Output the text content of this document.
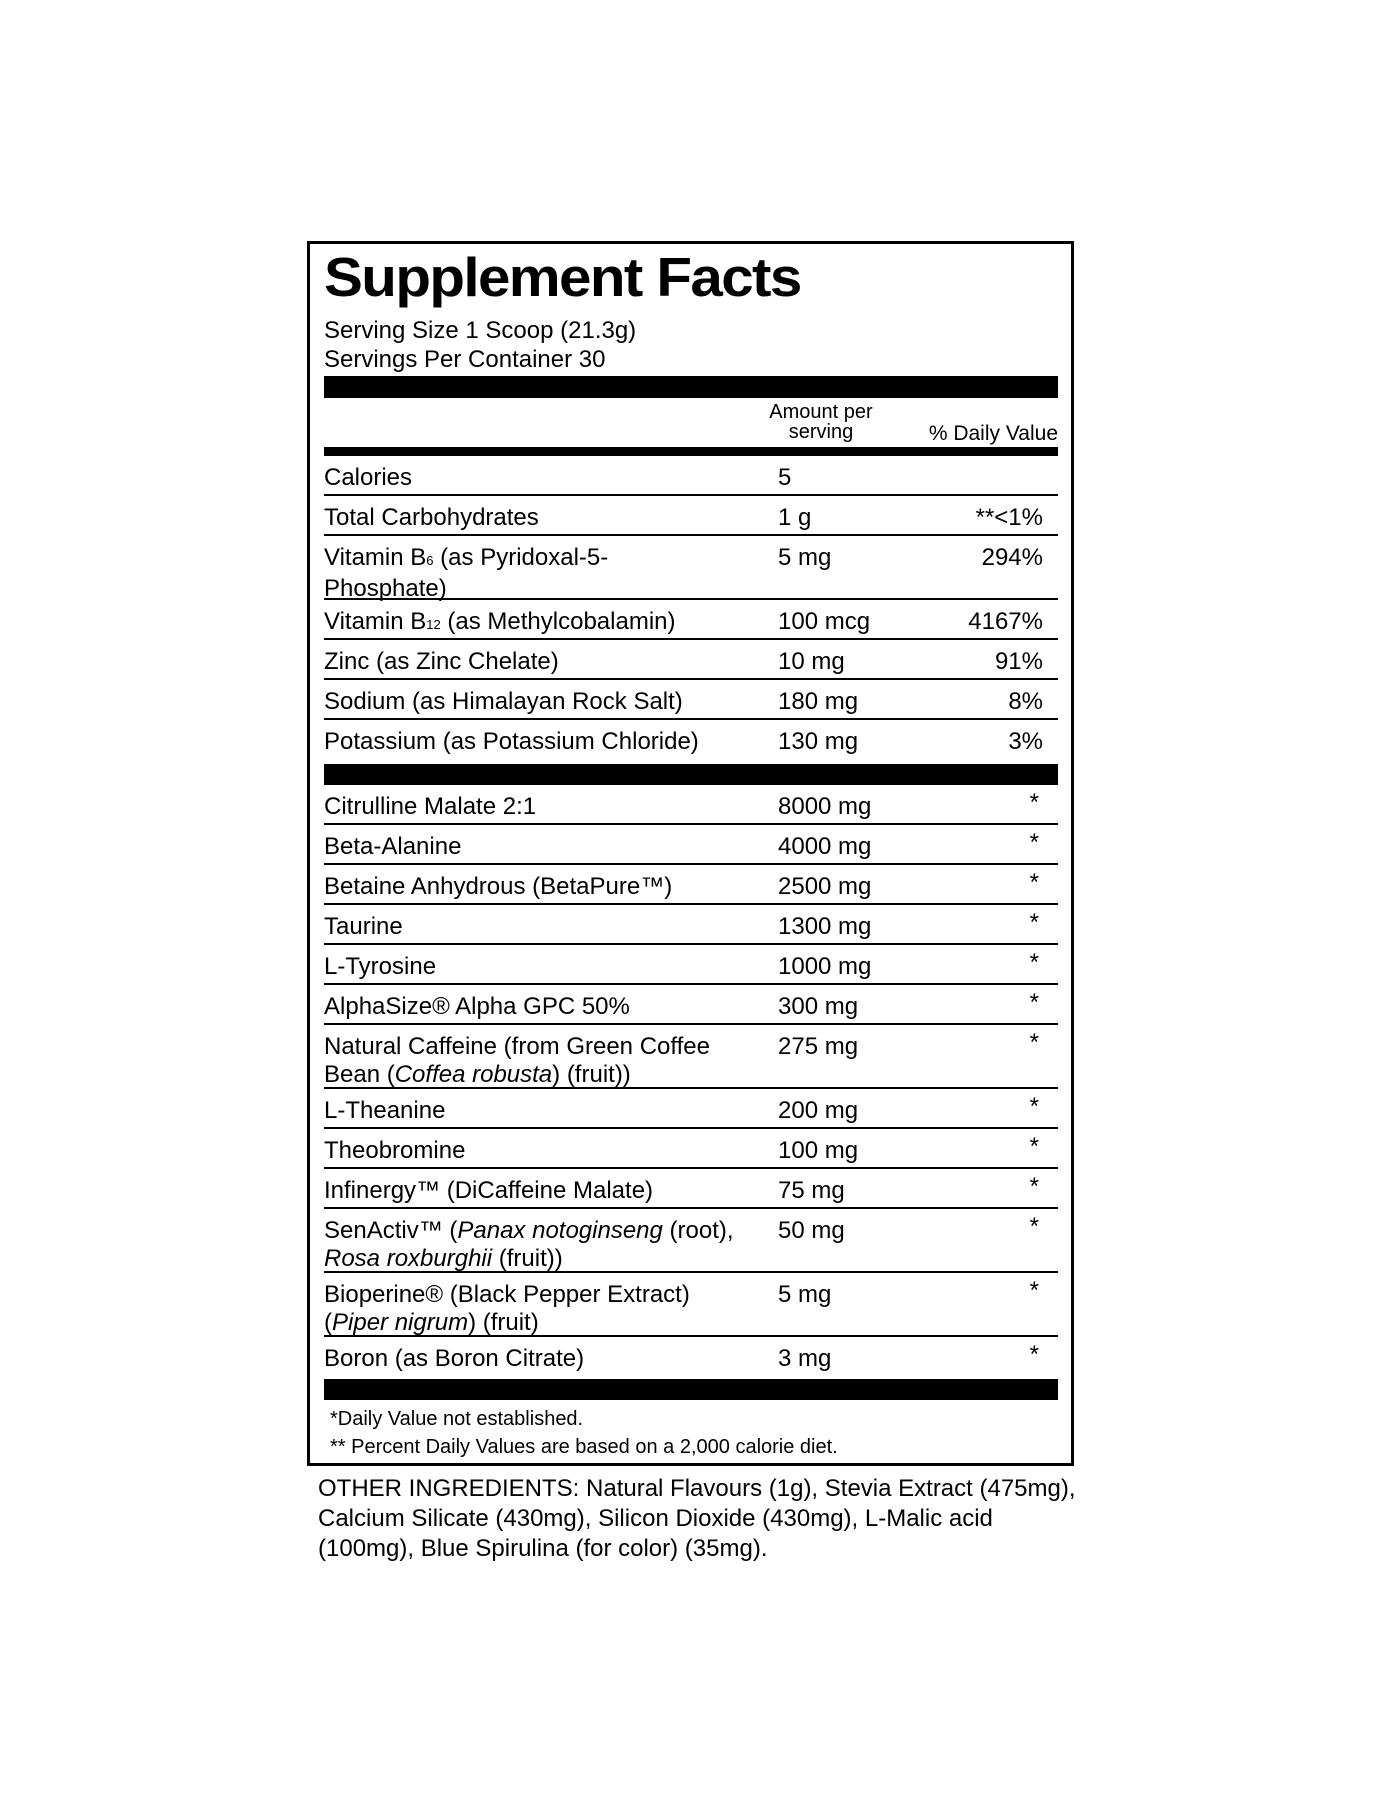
Supplement Facts
Serving Size 1 Scoop (21.3g)
Servings Per Container 30
Amount per
serving	% Daily Value
Calories	5
Total Carbohydrates	1 g	**<1%
Vitamin B6 (as Pyridoxal-5-Phosphate)
5 mg	294%
Vitamin B12 (as Methylcobalamin)	100 mcg	4167%
Zinc (as Zinc Chelate)	10 mg	91%
Sodium (as Himalayan Rock Salt)	180 mg	8%
Potassium (as Potassium Chloride)	130 mg	3%
Citrulline Malate 2:1	8000 mg	*
Beta-Alanine	4000 mg	*
Betaine Anhydrous (BetaPure™)	2500 mg	*
Taurine	1300 mg	*
L-Tyrosine	1000 mg	*
AlphaSize® Alpha GPC 50%	300 mg	*
Natural Caffeine (from Green Coffee Bean (Coffea robusta) (fruit))
275 mg	*
L-Theanine	200 mg	*
Theobromine	100 mg	*
Infinergy™ (DiCaffeine Malate)	75 mg	*
SenActiv™ (Panax notoginseng (root), Rosa roxburghii (fruit))
50 mg	*
Bioperine® (Black Pepper Extract) (Piper nigrum) (fruit)
5 mg	*
Boron (as Boron Citrate)	3 mg	*
*Daily Value not established.
** Percent Daily Values are based on a 2,000 calorie diet.
OTHER INGREDIENTS: Natural Flavours (1g), Stevia Extract (475mg), Calcium Silicate (430mg), Silicon Dioxide (430mg), L-Malic acid (100mg), Blue Spirulina (for color) (35mg).
